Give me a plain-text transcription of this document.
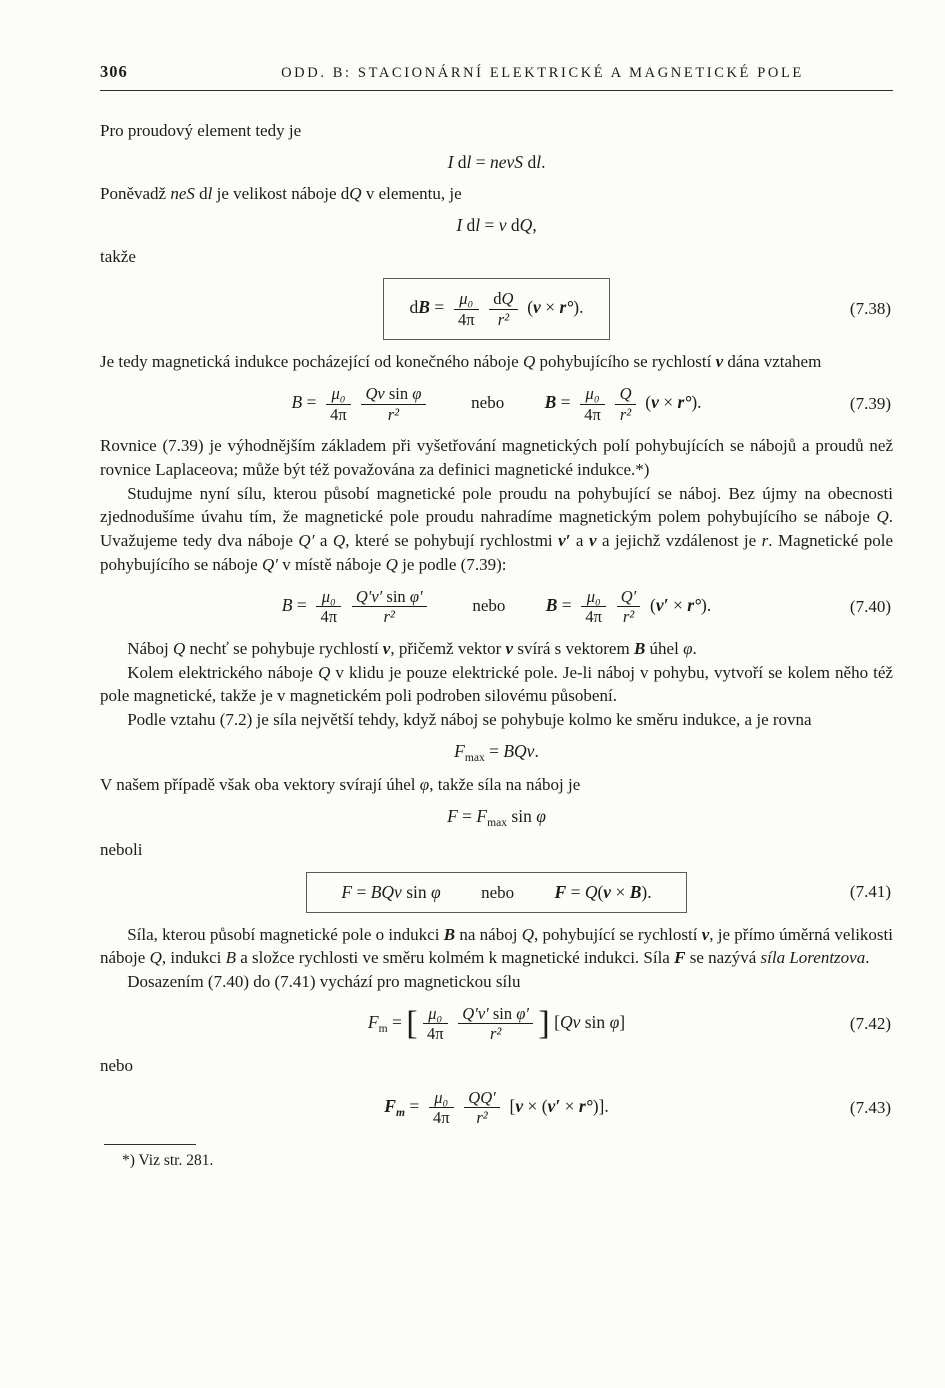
306	ODD. B: STACIONÁRNÍ ELEKTRICKÉ A MAGNETICKÉ POLE

Pro proudový element tedy je

I dl = nevS dl.

Poněvadž neS dl je velikost náboje dQ v elementu, je

I dl = v dQ,

takže

dB = $\frac{\text{μ₀}}{4\pi} \frac{dQ}{\text{r²}} (v \times r^\circ)$.	(7.38)

Je tedy magnetická indukce pocházející od konečného náboje Q pohybujícího se rychlostí v dána vztahem

$B = \frac{\text{μ₀}}{4\pi} \frac{\text{Qv sin φ}}{\text{r²}}$	nebo $B = \frac{\text{μ₀}}{4\pi} \frac{Q}{\text{r²}} (v \times r^\circ)$.	(7.39)

Rovnice (7.39) je výhodnějším základem při vyšetřování magnetických polí pohybujících se nábojů a proudů než rovnice Laplaceova; může být též považována za definici magnetické indukce.*)

Studujme nyní sílu, kterou působí magnetické pole proudu na pohybující se náboj. Bez újmy na obecnosti zjednodušíme úvahu tím, že magnetické pole proudu nahradíme magnetickým polem pohybujícího se náboje Q. Uvažujeme tedy dva náboje Q′ a Q, které se pohybují rychlostmi v′ a v a jejichž vzdálenost je r. Magnetické pole pohybujícího se náboje Q′ v místě náboje Q je podle (7.39):

$B = \frac{\text{μ₀}}{4\pi} \frac{\text{Q′v′ sin φ′}}{\text{r²}}$	nebo $B = \frac{\text{μ₀}}{4\pi} \frac{Q'}{\text{r²}} (v' \times r^\circ)$.	(7.40)

Náboj Q nechť se pohybuje rychlostí v, přičemž vektor v svírá s vektorem B úhel φ.

Kolem elektrického náboje Q v klidu je pouze elektrické pole. Je-li náboj v pohybu, vytvoří se kolem něho též pole magnetické, takže je v magnetickém poli podroben silovému působení.

Podle vztahu (7.2) je síla největší tehdy, když náboj se pohybuje kolmo ke směru indukce, a je rovna

$F_{max}$ = BQv.

V našem případě však oba vektory svírají úhel φ, takže síla na náboj je

$F = F_{max}$ sin φ

neboli

F = BQv sin φ nebo F = Q(v × B).	(7.41)

Síla, kterou působí magnetické pole o indukci B na náboj Q, pohybující se rychlostí v, je přímo úměrná velikosti náboje Q, indukci B a složce rychlosti ve směru kolmém k magnetické indukci. Síla F se nazývá síla Lorentzova.

Dosazením (7.40) do (7.41) vychází pro magnetickou sílu

$F_m$ = [ $\frac{\text{μ₀}}{4\pi} \frac{\text{Q′v′ sin φ′}}{\text{r²}}$ ] [Qv sin φ]	(7.42)

nebo

$F_m = \frac{\text{μ₀}}{4\pi} \frac{QQ'}{\text{r²}} [v \times (v' \times r^\circ)]$.	(7.43)

*) Viz str. 281.
